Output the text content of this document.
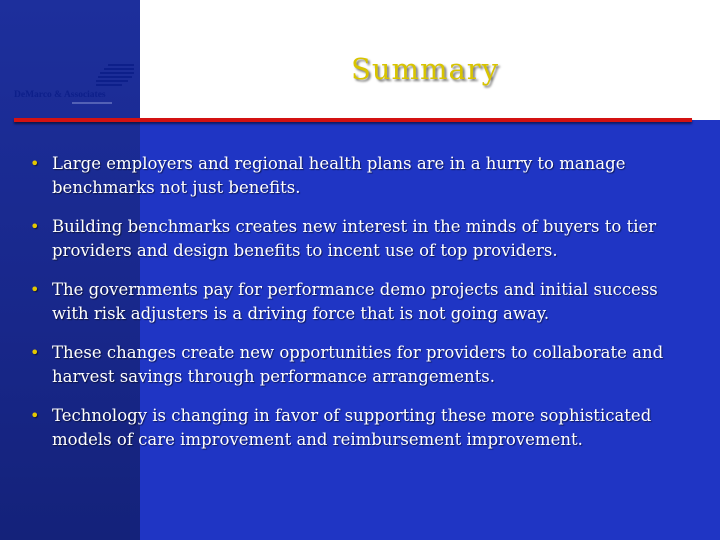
DeMarco & Associates
Summary
• Large employers and regional health plans are in a hurry to manage benchmarks not just benefits.
• Building benchmarks creates new interest in the minds of buyers to tier providers and design benefits to incent use of top providers.
• The governments pay for performance demo projects and initial success with risk adjusters is a driving force that is not going away.
• These changes create new opportunities for providers to collaborate and harvest savings through performance arrangements.
• Technology is changing in favor of supporting these more sophisticated models of care improvement and reimbursement improvement.
